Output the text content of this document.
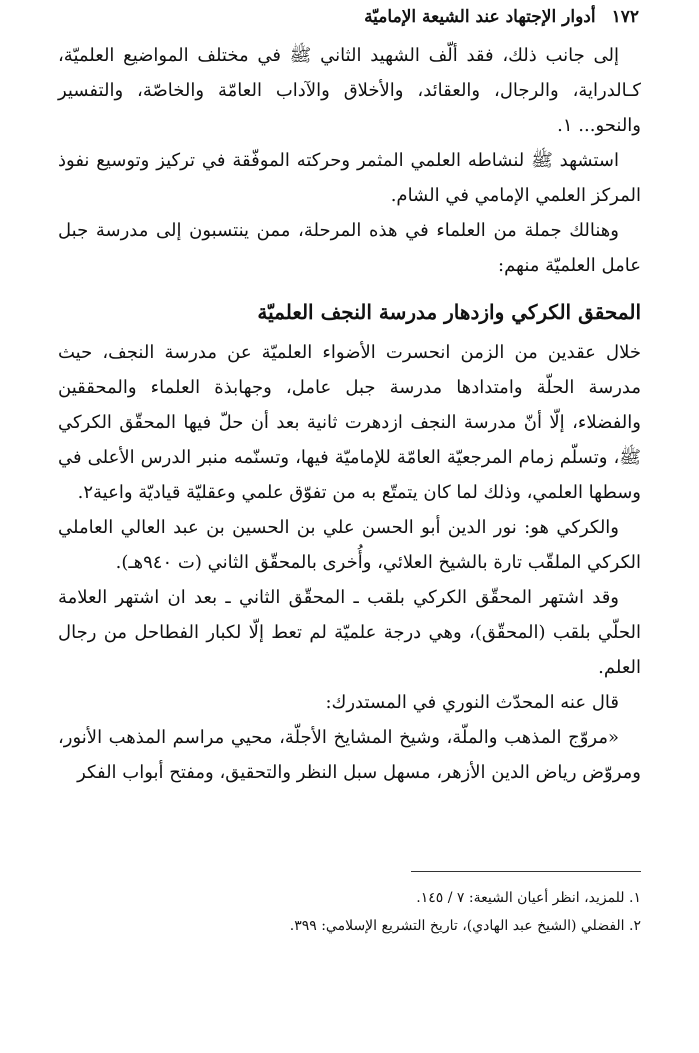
١٧٢
أدوار الإجتهاد عند الشيعة الإماميّة

إلى جانب ذلك، فقد ألّف الشهيد الثاني ﷺ في مختلف المواضيع العلميّة، كـالدراية، والرجال، والعقائد، والأخلاق والآداب العامّة والخاصّة، والتفسير والنحو... ١.

استشهد ﷺ لنشاطه العلمي المثمر وحركته الموفّقة في تركيز وتوسيع نفوذ المركز العلمي الإمامي في الشام.

وهنالك جملة من العلماء في هذه المرحلة، ممن ينتسبون إلى مدرسة جبل عامل العلميّة منهم:

المحقق الكركي وازدهار مدرسة النجف العلميّة

خلال عقدين من الزمن انحسرت الأضواء العلميّة عن مدرسة النجف، حيث مدرسة الحلّة وامتدادها مدرسة جبل عامل، وجهابذة العلماء والمحققين والفضلاء، إلّا أنّ مدرسة النجف ازدهرت ثانية بعد أن حلّ فيها المحقّق الكركي ﷺ، وتسلّم زمام المرجعيّة العامّة للإماميّة فيها، وتسنّمه منبر الدرس الأعلى في وسطها العلمي، وذلك لما كان يتمتّع به من تفوّق علمي وعقليّة قياديّة واعية٢.

والكركي هو: نور الدين أبو الحسن علي بن الحسين بن عبد العالي العاملي الكركي الملقّب تارة بالشيخ العلائي، وأُخرى بالمحقّق الثاني (ت ٩٤٠هـ).

وقد اشتهر المحقّق الكركي بلقب ـ المحقّق الثاني ـ بعد ان اشتهر العلامة الحلّي بلقب (المحقّق)، وهي درجة علميّة لم تعط إلّا لكبار الفطاحل من رجال العلم.

قال عنه المحدّث النوري في المستدرك:

«مروّج المذهب والملّة، وشيخ المشايخ الأجلّة، محيي مراسم المذهب الأنور، ومروّض رياض الدين الأزهر، مسهل سبل النظر والتحقيق، ومفتح أبواب الفكر

١. للمزيد، انظر أعيان الشيعة: ٧ / ١٤٥.

٢. الفضلي (الشيخ عبد الهادي)، تاريخ التشريع الإسلامي: ٣٩٩.
